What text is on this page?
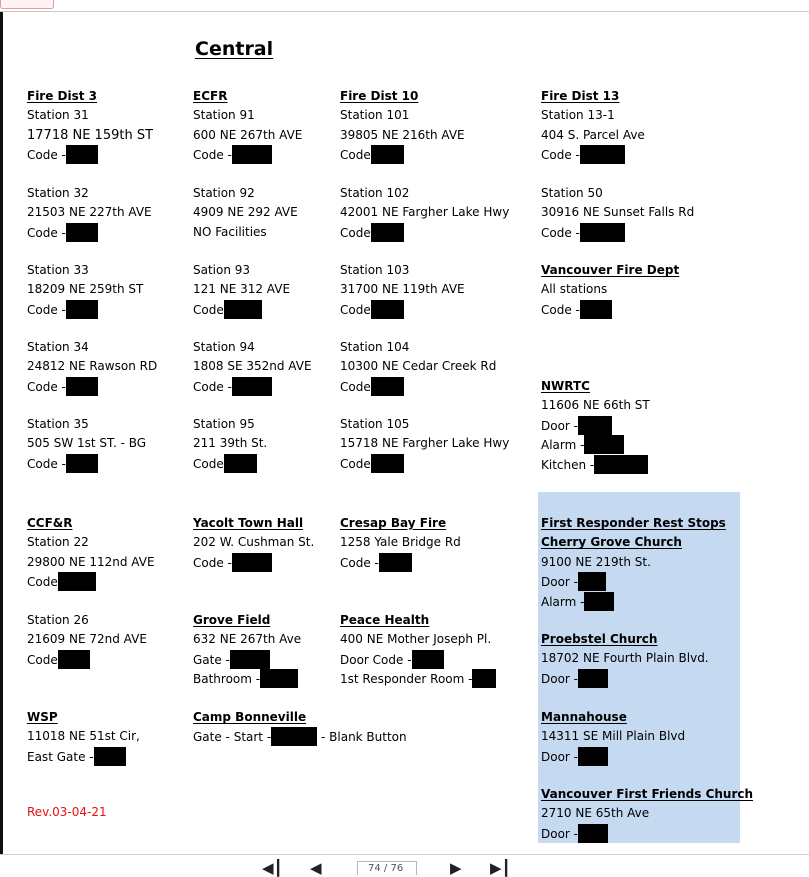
Central
Fire Dist 3
Station 31
17718 NE 159th ST
Code -
Station 32
21503 NE 227th AVE
Code -
Station 33
18209 NE 259th ST
Code -
Station 34
24812 NE Rawson RD
Code -
Station 35
505 SW 1st ST. - BG
Code -
CCF&R
Station 22
29800 NE 112nd AVE
Code
Station 26
21609 NE 72nd AVE
Code
WSP
11018 NE 51st Cir,
East Gate -
ECFR
Station 91
600 NE 267th AVE
Code -
Station 92
4909 NE 292 AVE
NO Facilities
Sation 93
121 NE 312 AVE
Code
Station 94
1808 SE 352nd AVE
Code -
Station 95
211 39th St.
Code
Yacolt Town Hall
202 W. Cushman St.
Code -
Grove Field
632 NE 267th Ave
Gate -
Bathroom -
Camp Bonneville
Gate - Start -	- Blank Button
Fire Dist 10
Station 101
39805 NE 216th AVE
Code
Station 102
42001 NE Fargher Lake Hwy
Code
Station 103
31700 NE 119th AVE
Code
Station 104
10300 NE Cedar Creek Rd
Code
Station 105
15718 NE Fargher Lake Hwy
Code
Cresap Bay Fire
1258 Yale Bridge Rd
Code -
Peace Health
400 NE Mother Joseph Pl.
Door Code -
1st Responder Room -
Fire Dist 13
Station 13-1
404 S. Parcel Ave
Code -
Station 50
30916 NE Sunset Falls Rd
Code -
Vancouver Fire Dept
All stations
Code -
NWRTC
11606 NE 66th ST
Door -
Alarm -
Kitchen -
First Responder Rest Stops
Cherry Grove Church
9100 NE 219th St.
Door -
Alarm -
Proebstel Church
18702 NE Fourth Plain Blvd.
Door -
Mannahouse
14311 SE Mill Plain Blvd
Door -
Vancouver First Friends Church
2710 NE 65th Ave
Door -
Rev.03-04-21
◀┃ ◀	74 / 76	▶ ▶┃
